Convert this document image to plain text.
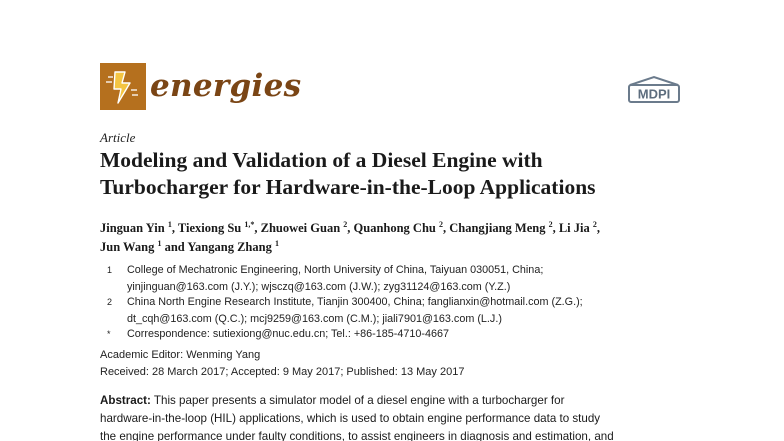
energies	MDPI
Article
Modeling and Validation of a Diesel Engine with
Turbocharger for Hardware-in-the-Loop Applications
Jinguan Yin $^1$, Tiexiong Su $^{1,*}$, Zhuowei Guan $^2$, Quanhong Chu $^2$, Changjiang Meng $^2$, Li Jia $^2$,
Jun Wang $^1$ and Yangang Zhang $^1$
1 College of Mechatronic Engineering, North University of China, Taiyuan 030051, China;
yinjinguan@163.com (J.Y.); wjsczq@163.com (J.W.); zyg31124@163.com (Y.Z.)
2 China North Engine Research Institute, Tianjin 300400, China; fanglianxin@hotmail.com (Z.G.);
dt_cqh@163.com (Q.C.); mcj9259@163.com (C.M.); jiali7901@163.com (L.J.)
* Correspondence: sutiexiong@nuc.edu.cn; Tel.: +86-185-4710-4667
Academic Editor: Wenming Yang
Received: 28 March 2017; Accepted: 9 May 2017; Published: 13 May 2017
Abstract: This paper presents a simulator model of a diesel engine with a turbocharger for
hardware-in-the-loop (HIL) applications, which is used to obtain engine performance data to study
the engine performance under faulty conditions, to assist engineers in diagnosis and estimation, and
